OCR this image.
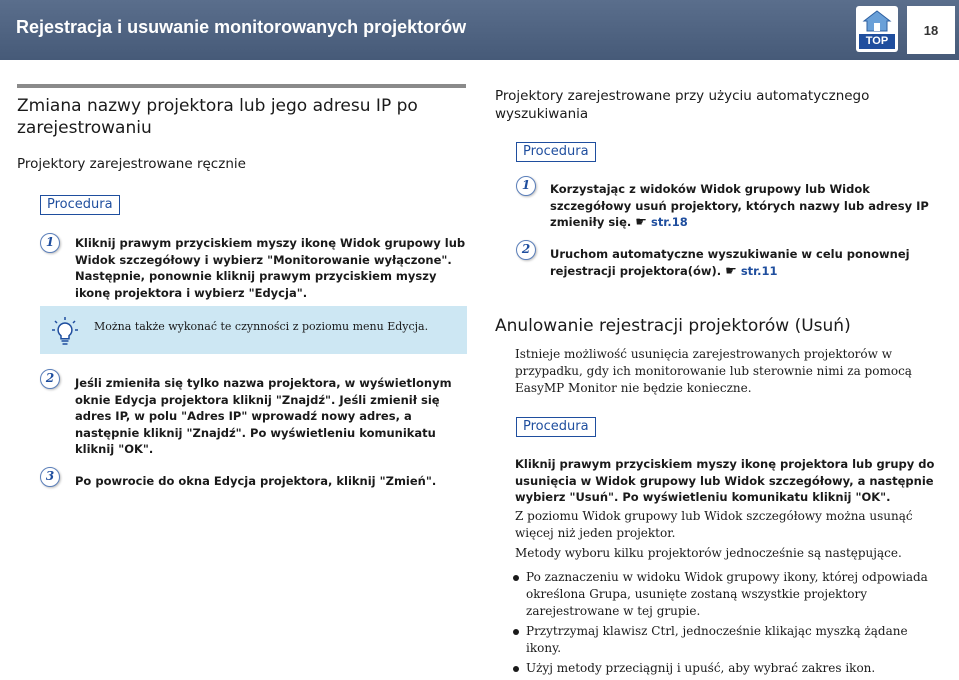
Rejestracja i usuwanie monitorowanych projektorów
TOP
18
Zmiana nazwy projektora lub jego adresu IP po zarejestrowaniu
Projektory zarejestrowane ręcznie
Procedura
1	Kliknij prawym przyciskiem myszy ikonę Widok grupowy lub Widok szczegółowy i wybierz "Monitorowanie wyłączone". Następnie, ponownie kliknij prawym przyciskiem myszy ikonę projektora i wybierz "Edycja".
Można także wykonać te czynności z poziomu menu Edycja.
2	Jeśli zmieniła się tylko nazwa projektora, w wyświetlonym oknie Edycja projektora kliknij "Znajdź". Jeśli zmienił się adres IP, w polu "Adres IP" wprowadź nowy adres, a następnie kliknij "Znajdź". Po wyświetleniu komunikatu kliknij "OK".
3	Po powrocie do okna Edycja projektora, kliknij "Zmień".
Projektory zarejestrowane przy użyciu automatycznego wyszukiwania
Procedura
1	Korzystając z widoków Widok grupowy lub Widok szczegółowy usuń projektory, których nazwy lub adresy IP zmieniły się. ☛ str.18
2	Uruchom automatyczne wyszukiwanie w celu ponownej rejestracji projektora(ów). ☛ str.11
Anulowanie rejestracji projektorów (Usuń)
Istnieje możliwość usunięcia zarejestrowanych projektorów w przypadku, gdy ich monitorowanie lub sterownie nimi za pomocą EasyMP Monitor nie będzie konieczne.
Procedura
Kliknij prawym przyciskiem myszy ikonę projektora lub grupy do usunięcia w Widok grupowy lub Widok szczegółowy, a następnie wybierz "Usuń". Po wyświetleniu komunikatu kliknij "OK".
Z poziomu Widok grupowy lub Widok szczegółowy można usunąć więcej niż jeden projektor.
Metody wyboru kilku projektorów jednocześnie są następujące.
Po zaznaczeniu w widoku Widok grupowy ikony, której odpowiada określona Grupa, usunięte zostaną wszystkie projektory zarejestrowane w tej grupie.
Przytrzymaj klawisz Ctrl, jednocześnie klikając myszką żądane ikony.
Użyj metody przeciągnij i upuść, aby wybrać zakres ikon.
